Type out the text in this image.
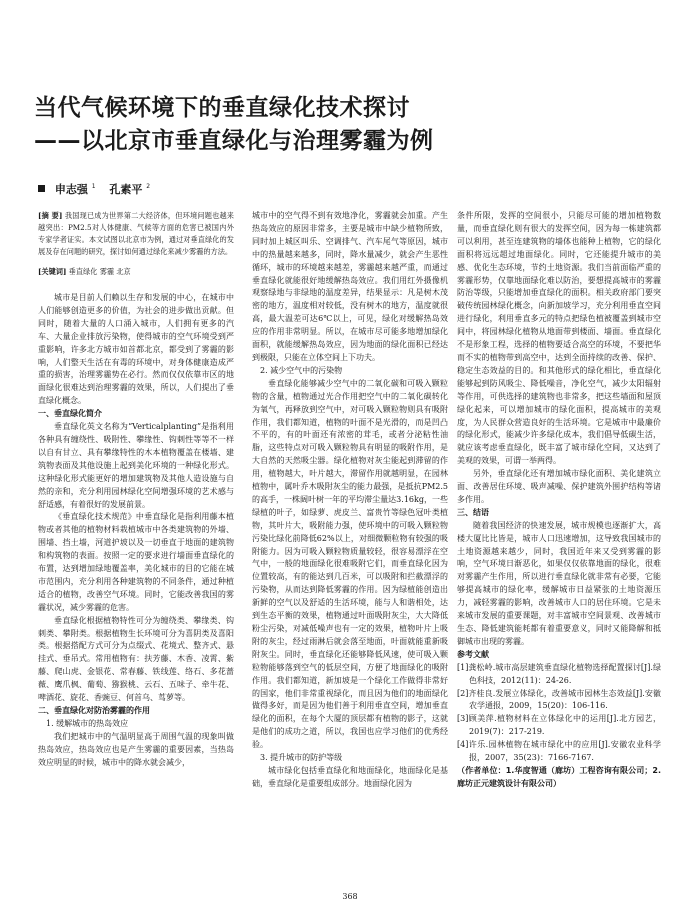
当代气候环境下的垂直绿化技术探讨
——以北京市垂直绿化与治理雾霾为例
申志强 $^1$ 孔素平 $^2$

[摘 要] 我国现已成为世界第二大经济体，但环境问题也越来越突出：PM2.5对人体健康、气候等方面的危害已被国内外专家学者证实。本文试图以北京市为例，通过对垂直绿化的发展及存在问题的研究，探讨如何通过绿化来减少雾霾的方法。

[关键词] 垂直绿化 雾霾 北京

城市是目前人们赖以生存和发展的中心，在城市中人们能够创造更多的价值，为社会的进步做出贡献。但同时，随着大量的人口涌入城市，人们拥有更多的汽车、大量企业排放污染物，使得城市的空气环境受到严重影响，许多北方城市如首都北京，都受到了雾霾的影响，人们整天生活在有毒的环境中，对身体健康造成严重的损害，治理雾霾势在必行。然而仅仅依靠市区的地面绿化很难达到治理雾霾的效果，所以，人们提出了垂直绿化概念。

一、垂直绿化简介

垂直绿化英文名称为“Verticalplanting”是指利用各种具有缠绕性、吸附性、攀缘性、钩刺性等等不一样以自有甘立、具有攀缘特性的木本植物覆盖在楼墙、建筑物表面及其他设施上起到美化环境的一种绿化形式。这种绿化形式能更好的增加建筑物及其他人造设施与自然的亲和，充分利用园林绿化空间增强环境的艺术感与舒适感，有着很好的发展前景。

《垂直绿化技术规范》中垂直绿化是指利用藤本植物或者其他的植物材料栽植城市中各类建筑物的外墙、围墙、挡土墙，河道护坡以及一切垂直于地面的建筑物和构筑物的表面。按照一定的要求进行墙面垂直绿化的布置，达到增加绿地覆盖率，美化城市的目的它能在城市范围内，充分利用各种建筑物的不同条件，通过种植适合的植物，改善空气环境。同时，它能改善我国的雾霾状况，减少雾霾的危害。

垂直绿化根据植物特性可分为缠绕类、攀缘类、钩刺类、攀附类。根据植物生长环境可分为喜阴类及喜阳类。根据搭配方式可分为点缀式、花境式、整齐式、悬挂式、垂吊式。常用植物有：扶芳藤、木香、凌霄、紫藤、爬山虎、金银花、常春藤、铁线莲、络石、多花蔷薇、鹰爪枫、葡萄、猕猴桃、云石、五味子、牵牛花、啤酒花、旋花、香豌豆、何首乌、茑萝等。

二、垂直绿化对防治雾霾的作用

1. 缓解城市的热岛效应

我们把城市中的气温明显高于周围气温的现象叫做热岛效应，热岛效应也是产生雾霾的重要因素，当热岛效应明显的时候，城市中的降水就会减少，

城市中的空气得不到有效地净化，雾霾就会加重。产生热岛效应的原因非常多，主要是城市中缺少植物所致，同时加上城区叫乐、空调排气、汽车尾气等原因，城市中的热量越来越多，同时，降水量减少，就会产生恶性循环，城市的环境越来越差，雾霾越来越严重，而通过垂直绿化就能很好地缓解热岛效应。我们用红外摄像机观察绿地与非绿地的温度差异，结果显示：凡是树木茂密的地方，温度相对较低，没有树木的地方，温度就很高，最大温差可达6℃以上，可见，绿化对缓解热岛效应的作用非常明显。所以，在城市尽可能多地增加绿化面积，就能缓解热岛效应，因为地面的绿化面积已经达到极限，只能在立体空间上下功夫。

2. 减少空气中的污染物

垂直绿化能够减少空气中的二氧化碳和可吸入颗粒物的含量，植物通过光合作用把空气中的二氧化碳转化为氧气，再释放到空气中，对可吸入颗粒物则具有吸附作用，我们都知道，植物的叶面不是光滑的，而是凹凸不平的，有的叶面还有浓密的茸毛，或者分泌粘性油脂，这些特点对可吸入颗粒物具有明显的吸附作用，是大自然的天然吸尘器。绿化植物对灰尘能起到滞留的作用，植物越大，叶片越大，滞留作用就越明显，在园林植物中，属叶乔木吸附灰尘的能力最强，是抵抗PM2.5的高手，一株阔叶树一年的平均滞尘量达3.16kg，一些绿植的叶子，如绿萝、虎皮兰、富贵竹等绿色冠叶类植物，其叶片大，吸附能力强，使环境中的可吸入颗粒物污染比绿化前降低62%以上，对细微颗粒物有较强的吸附能力。因为可吸入颗粒物质量较轻，很容易漂浮在空气中，一般的地面绿化很难吸附它们，而垂直绿化因为位置较高，有的能达到几百米，可以吸附和拦截漂浮的污染物，从而达到降低雾霾的作用。因为绿植能创造出新鲜的空气以及舒适的生活环境，能与人和谐相处，达到生态平衡的效果，植物通过叶面吸附灰尘，大大降低粉尘污染，对减低噪声也有一定的效果，植物叶片上吸附的灰尘，经过雨淋后就会落至地面，叶面就能重新吸附灰尘。同时，垂直绿化还能够降低风速，使可吸入颗粒物能够落到空气的低层空间，方便了地面绿化的吸附作用。我们都知道，新加坡是一个绿化工作做得非常好的国家，他们非常重视绿化，而且因为他们的地面绿化做得多好，而是因为他们善于利用垂直空间，增加垂直绿化的面积，在每个大厦的顶层都有植物的影子，这就是他们的成功之道，所以，我国也应学习他们的优秀经验。

3. 提升城市的防护等级

城市绿化包括垂直绿化和地面绿化，地面绿化是基础，垂直绿化是重要组成部分。地面绿化因为

条件所限，发挥的空间很小，只能尽可能的增加植物数量，而垂直绿化则有很大的发挥空间，因为每一栋建筑都可以利用，甚至连建筑物的墙体也能种上植物，它的绿化面积将远远超过地面绿化。同时，它还能提升城市的美感、优化生态环境，节约土地资源。我们当前面临严重的雾霾形势，仅靠地面绿化难以防治，要想提高城市的雾霾防治等级，只能增加垂直绿化的面积。相关政府部门要突破传统园林绿化概念，向新加坡学习，充分利用垂直空间进行绿化，利用垂直多元的特点把绿色植被覆盖到城市空间中，将园林绿化植物从地面带到楼面、墙面。垂直绿化不是形象工程，选择的植物要适合高空的环境，不要把华而不实的植物带到高空中，达到全面持续的改善、保护、稳定生态效益的目的。和其他形式的绿化相比，垂直绿化能够起到防风吸尘、降低噪音，净化空气，减少太阳辐射等作用，可供选择的建筑物也非常多，把这些墙面和屋顶绿化起来，可以增加城市的绿化面积，提高城市的美观度，为人民群众营造良好的生活环境。它是城市中最廉价的绿化形式，能减少许多绿化成本，我们倡导低碳生活，就应该考虑垂直绿化，既丰富了城市绿化空间，又达到了美观的效果，可谓一举两得。

另外，垂直绿化还有增加城市绿化面积、美化建筑立面、改善居住环境、吸声减噪、保护建筑外围护结构等诸多作用。

三、结语

随着我国经济的快速发展，城市规模也逐渐扩大，高楼大厦比比皆是，城市人口迅速增加，这导致我国城市的土地资源越来越少，同时，我国近年来又受到雾霾的影响，空气环境日渐恶化，如果仅仅依靠地面的绿化，很难对雾霾产生作用，所以进行垂直绿化就非常有必要，它能够提高城市的绿化率，缓解城市日益紧张的土地资源压力，减轻雾霾的影响，改善城市人口的居住环境。它是未来城市发展的重要课题，对丰富城市空间景观、改善城市生态、降低建筑能耗都有着重要意义，同时又能降解和抵御城市出现的雾霾。

参考文献

[1]龚松岭.城市高层建筑垂直绿化植物选择配置探讨[J].绿色科技，2012(11)：24-26.

[2]齐桂良.发展立体绿化，改善城市园林生态效益[J].安徽农学通报，2009，15(20)：106-116.

[3]顾美萍.植物材料在立体绿化中的运用[J].北方园艺，2019(7)：217-219.

[4]许乐.园林植物在城市绿化中的应用[J].安徽农业科学报，2007，35(23)：7166-7167.

（作者单位：1.华度智通（廊坊）工程咨询有限公司；2.廊坊正元建筑设计有限公司）

368
